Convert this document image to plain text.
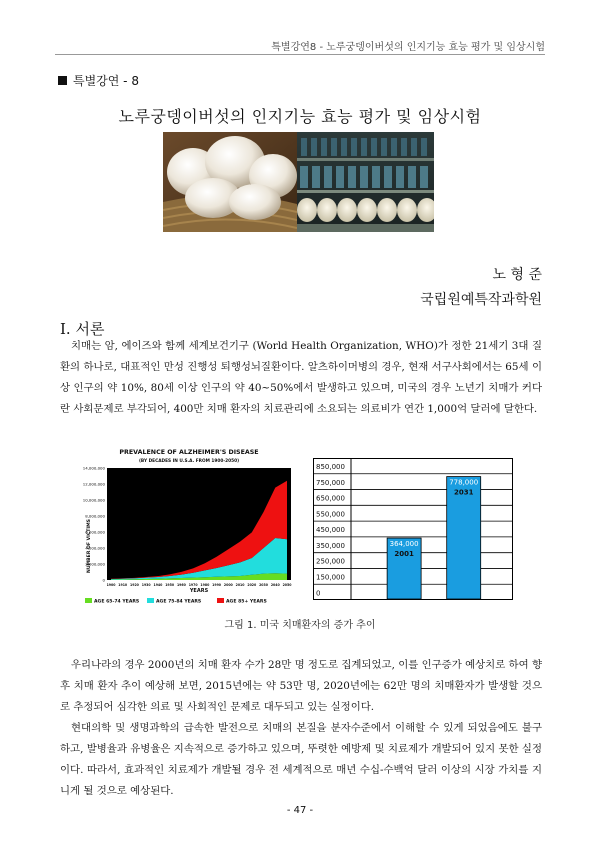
특별강연8 - 노루궁뎅이버섯의 인지기능 효능 평가 및 임상시험
특별강연 - 8
노루궁뎅이버섯의 인지기능 효능 평가 및 임상시험
노 형 준
국립원예특작과학원
Ⅰ. 서론
치매는 암, 에이즈와 함께 세계보건기구 (World Health Organization, WHO)가 정한 21세기 3대 질환의 하나로, 대표적인 만성 진행성 퇴행성뇌질환이다. 알츠하이머병의 경우, 현재 서구사회에서는 65세 이상 인구의 약 10%, 80세 이상 인구의 약 40~50%에서 발생하고 있으며, 미국의 경우 노년기 치매가 커다란 사회문제로 부각되어, 400만 치매 환자의 치료관리에 소요되는 의료비가 연간 1,000억 달러에 달한다.
PREVALENCE OF ALZHEIMER'S DISEASE
(BY DECADES IN U.S.A. FROM 1900-2050)
NUMBER OF VICTIMS
14,000,000
12,000,000
10,000,000
8,000,000
6,000,000
4,000,000
2,000,000
0
1900 1910 1920 1930 1940 1950 1960 1970 1980 1990 2000 2010 2020 2030 2040 2050
YEARS
AGE 65-74 YEARS	AGE 75-84 YEARS	AGE 85+ YEARS
850,000
750,000
650,000
550,000
450,000
350,000
250,000
150,000
0
364,000
2001
778,000
2031
그림 1. 미국 치매환자의 증가 추이
우리나라의 경우 2000년의 치매 환자 수가 28만 명 정도로 집계되었고, 이를 인구증가 예상치로 하여 향후 치매 환자 추이 예상해 보면, 2015년에는 약 53만 명, 2020년에는 62만 명의 치매환자가 발생할 것으로 추정되어 심각한 의료 및 사회적인 문제로 대두되고 있는 실정이다.
현대의학 및 생명과학의 급속한 발전으로 치매의 본질을 분자수준에서 이해할 수 있게 되었음에도 불구하고, 발병율과 유병율은 지속적으로 증가하고 있으며, 뚜렷한 예방제 및 치료제가 개발되어 있지 못한 실정이다. 따라서, 효과적인 치료제가 개발될 경우 전 세계적으로 매년 수십-수백억 달러 이상의 시장 가치를 지니게 될 것으로 예상된다.
- 47 -
